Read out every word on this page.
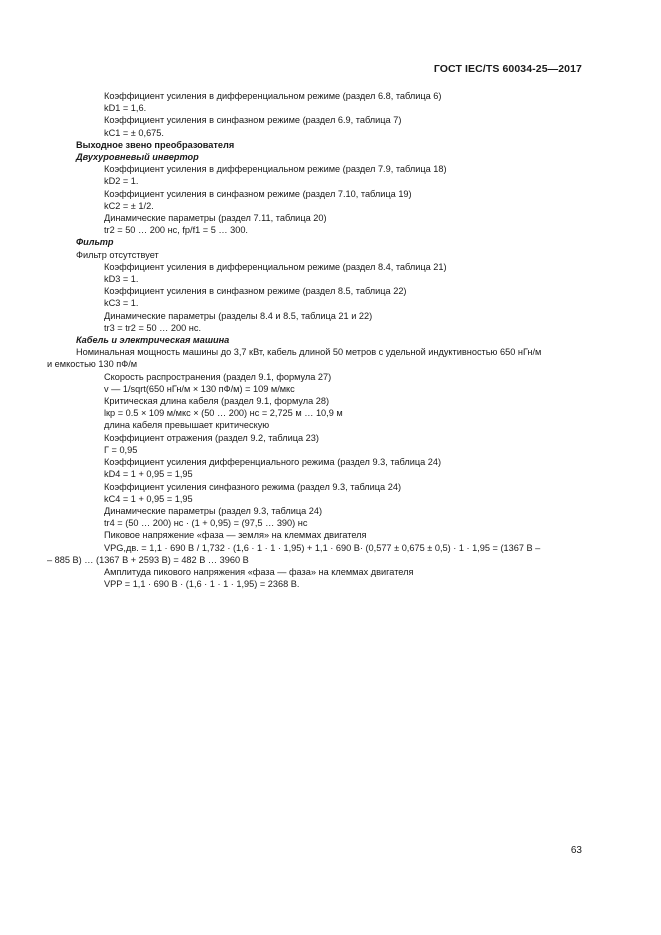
ГОСТ IEC/TS 60034-25—2017
Коэффициент усиления в дифференциальном режиме (раздел 6.8, таблица 6)
kD1 = 1,6.
Коэффициент усиления в синфазном режиме (раздел 6.9, таблица 7)
kC1 = ± 0,675.
Выходное звено преобразователя
Двухуровневый инвертор
Коэффициент усиления в дифференциальном режиме (раздел 7.9, таблица 18)
kD2 = 1.
Коэффициент усиления в синфазном режиме (раздел 7.10, таблица 19)
kC2 = ± 1/2.
Динамические параметры (раздел 7.11, таблица 20)
tr2 = 50 … 200 нс, fp/f1 = 5 … 300.
Фильтр
Фильтр отсутствует
Коэффициент усиления в дифференциальном режиме (раздел 8.4, таблица 21)
kD3 = 1.
Коэффициент усиления в синфазном режиме (раздел 8.5, таблица 22)
kC3 = 1.
Динамические параметры (разделы 8.4 и 8.5, таблица 21 и 22)
tr3 = tr2 = 50 … 200 нс.
Кабель и электрическая машина
Номинальная мощность машины до 3,7 кВт, кабель длиной 50 метров с удельной индуктивностью 650 нГн/м
и емкостью 130 пФ/м
Скорость распространения (раздел 9.1, формула 27)
v — 1/sqrt(650 нГн/м × 130 пФ/м) = 109 м/мкс
Критическая длина кабеля (раздел 9.1, формула 28)
lкр = 0.5 × 109 м/мкс × (50 … 200) нс = 2,725 м … 10,9 м
длина кабеля превышает критическую
Коэффициент отражения (раздел 9.2, таблица 23)
Г = 0,95
Коэффициент усиления дифференциального режима (раздел 9.3, таблица 24)
kD4 = 1 + 0,95 = 1,95
Коэффициент усиления синфазного режима (раздел 9.3, таблица 24)
kC4 = 1 + 0,95 = 1,95
Динамические параметры (раздел 9.3, таблица 24)
tr4 = (50 … 200) нс · (1 + 0,95) = (97,5 … 390) нс
Пиковое напряжение «фаза — земля» на клеммах двигателя
VPG,дв. = 1,1 · 690 В / 1,732 · (1,6 · 1 · 1 · 1,95) + 1,1 · 690 В· (0,577 ± 0,675 ± 0,5) · 1 · 1,95 = (1367 В –
– 885 В) … (1367 В + 2593 В) = 482 В … 3960 В
Амплитуда пикового напряжения «фаза — фаза» на клеммах двигателя
VPP = 1,1 · 690 В · (1,6 · 1 · 1 · 1,95) = 2368 В.
63
